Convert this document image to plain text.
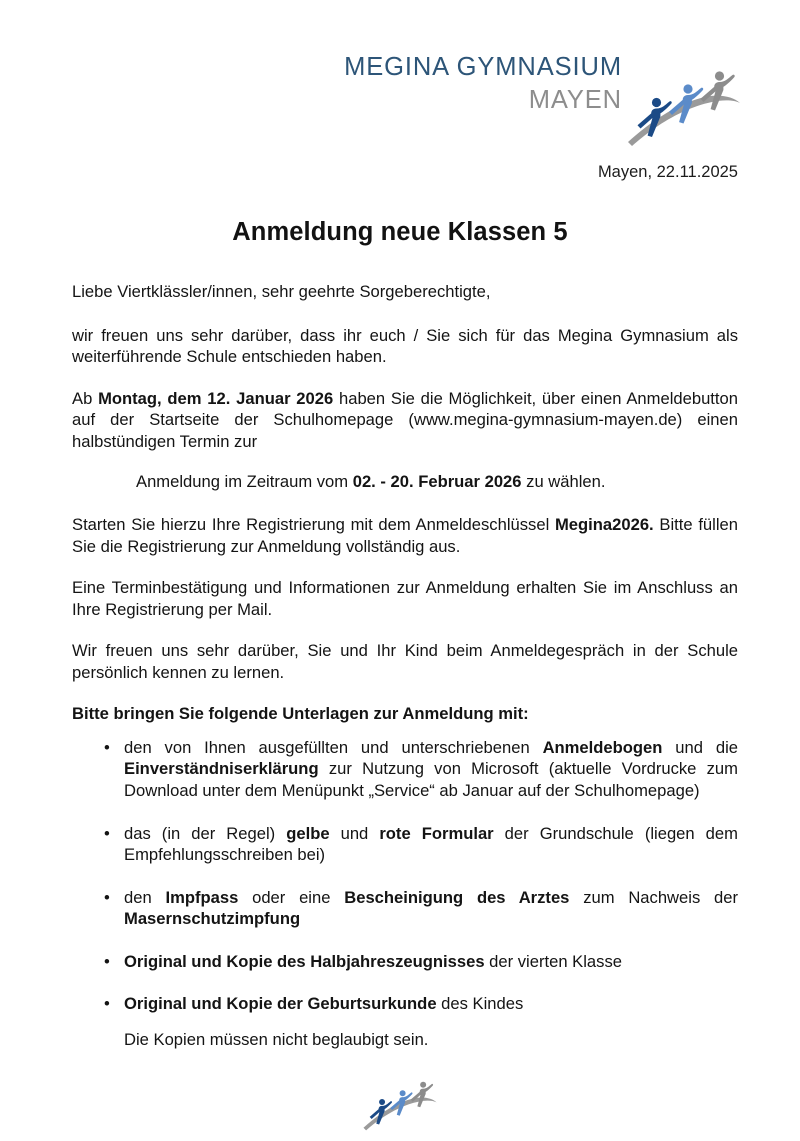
MEGINA GYMNASIUM
MAYEN
Mayen, 22.11.2025
Anmeldung neue Klassen 5

Liebe Viertklässler/innen, sehr geehrte Sorgeberechtigte,

wir freuen uns sehr darüber, dass ihr euch / Sie sich für das Megina Gymnasium als weiterführende Schule entschieden haben.

Ab Montag, dem 12. Januar 2026 haben Sie die Möglichkeit, über einen Anmeldebutton auf der Startseite der Schulhomepage (www.megina-gymnasium-mayen.de) einen halbstündigen Termin zur

Anmeldung im Zeitraum vom 02. - 20. Februar 2026 zu wählen.

Starten Sie hierzu Ihre Registrierung mit dem Anmeldeschlüssel Megina2026. Bitte füllen Sie die Registrierung zur Anmeldung vollständig aus.

Eine Terminbestätigung und Informationen zur Anmeldung erhalten Sie im Anschluss an Ihre Registrierung per Mail.

Wir freuen uns sehr darüber, Sie und Ihr Kind beim Anmeldegespräch in der Schule persönlich kennen zu lernen.

Bitte bringen Sie folgende Unterlagen zur Anmeldung mit:

• den von Ihnen ausgefüllten und unterschriebenen Anmeldebogen und die Einverständniserklärung zur Nutzung von Microsoft (aktuelle Vordrucke zum Download unter dem Menüpunkt „Service“ ab Januar auf der Schulhomepage)
• das (in der Regel) gelbe und rote Formular der Grundschule (liegen dem Empfehlungsschreiben bei)
• den Impfpass oder eine Bescheinigung des Arztes zum Nachweis der Masernschutzimpfung
• Original und Kopie des Halbjahreszeugnisses der vierten Klasse
• Original und Kopie der Geburtsurkunde des Kindes

Die Kopien müssen nicht beglaubigt sein.
